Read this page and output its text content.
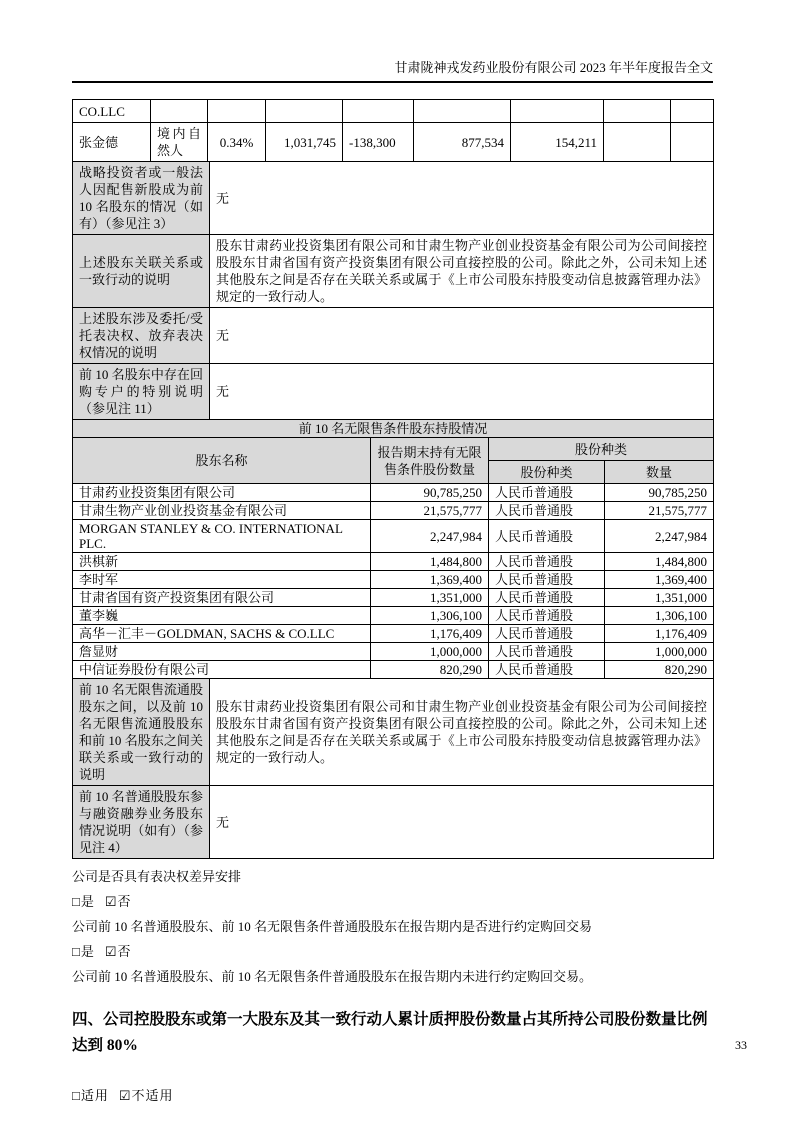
甘肃陇神戎发药业股份有限公司 2023 年半年度报告全文
CO.LLC								
张金德	境内自然人	0.34%	1,031,745	-138,300	877,534	154,211		
战略投资者或一般法人因配售新股成为前 10 名股东的情况（如有）（参见注 3）	无
上述股东关联关系或一致行动的说明	股东甘肃药业投资集团有限公司和甘肃生物产业创业投资基金有限公司为公司间接控股股东甘肃省国有资产投资集团有限公司直接控股的公司。除此之外，公司未知上述其他股东之间是否存在关联关系或属于《上市公司股东持股变动信息披露管理办法》规定的一致行动人。
上述股东涉及委托/受托表决权、放弃表决权情况的说明	无
前 10 名股东中存在回购专户的特别说明（参见注 11）	无
前 10 名无限售条件股东持股情况			
股东名称	报告期末持有无限售条件股份数量	股份种类	
		股份种类	数量
甘肃药业投资集团有限公司	90,785,250	人民币普通股	90,785,250
甘肃生物产业创业投资基金有限公司	21,575,777	人民币普通股	21,575,777
MORGAN STANLEY & CO. INTERNATIONAL PLC.	2,247,984	人民币普通股	2,247,984
洪棋新	1,484,800	人民币普通股	1,484,800
李时军	1,369,400	人民币普通股	1,369,400
甘肃省国有资产投资集团有限公司	1,351,000	人民币普通股	1,351,000
董李巍	1,306,100	人民币普通股	1,306,100
高华－汇丰－GOLDMAN, SACHS & CO.LLC	1,176,409	人民币普通股	1,176,409
詹显财	1,000,000	人民币普通股	1,000,000
中信证券股份有限公司	820,290	人民币普通股	820,290
前 10 名无限售流通股股东之间，以及前 10 名无限售流通股股东和前 10 名股东之间关联关系或一致行动的说明	股东甘肃药业投资集团有限公司和甘肃生物产业创业投资基金有限公司为公司间接控股股东甘肃省国有资产投资集团有限公司直接控股的公司。除此之外，公司未知上述其他股东之间是否存在关联关系或属于《上市公司股东持股变动信息披露管理办法》规定的一致行动人。
前 10 名普通股股东参与融资融券业务股东情况说明（如有）（参见注 4）	无

公司是否具有表决权差异安排

□是 ☑否

公司前 10 名普通股股东、前 10 名无限售条件普通股股东在报告期内是否进行约定购回交易

□是 ☑否

公司前 10 名普通股股东、前 10 名无限售条件普通股股东在报告期内未进行约定购回交易。

四、公司控股股东或第一大股东及其一致行动人累计质押股份数量占其所持公司股份数量比例达到 80%

□适用 ☑不适用

33
